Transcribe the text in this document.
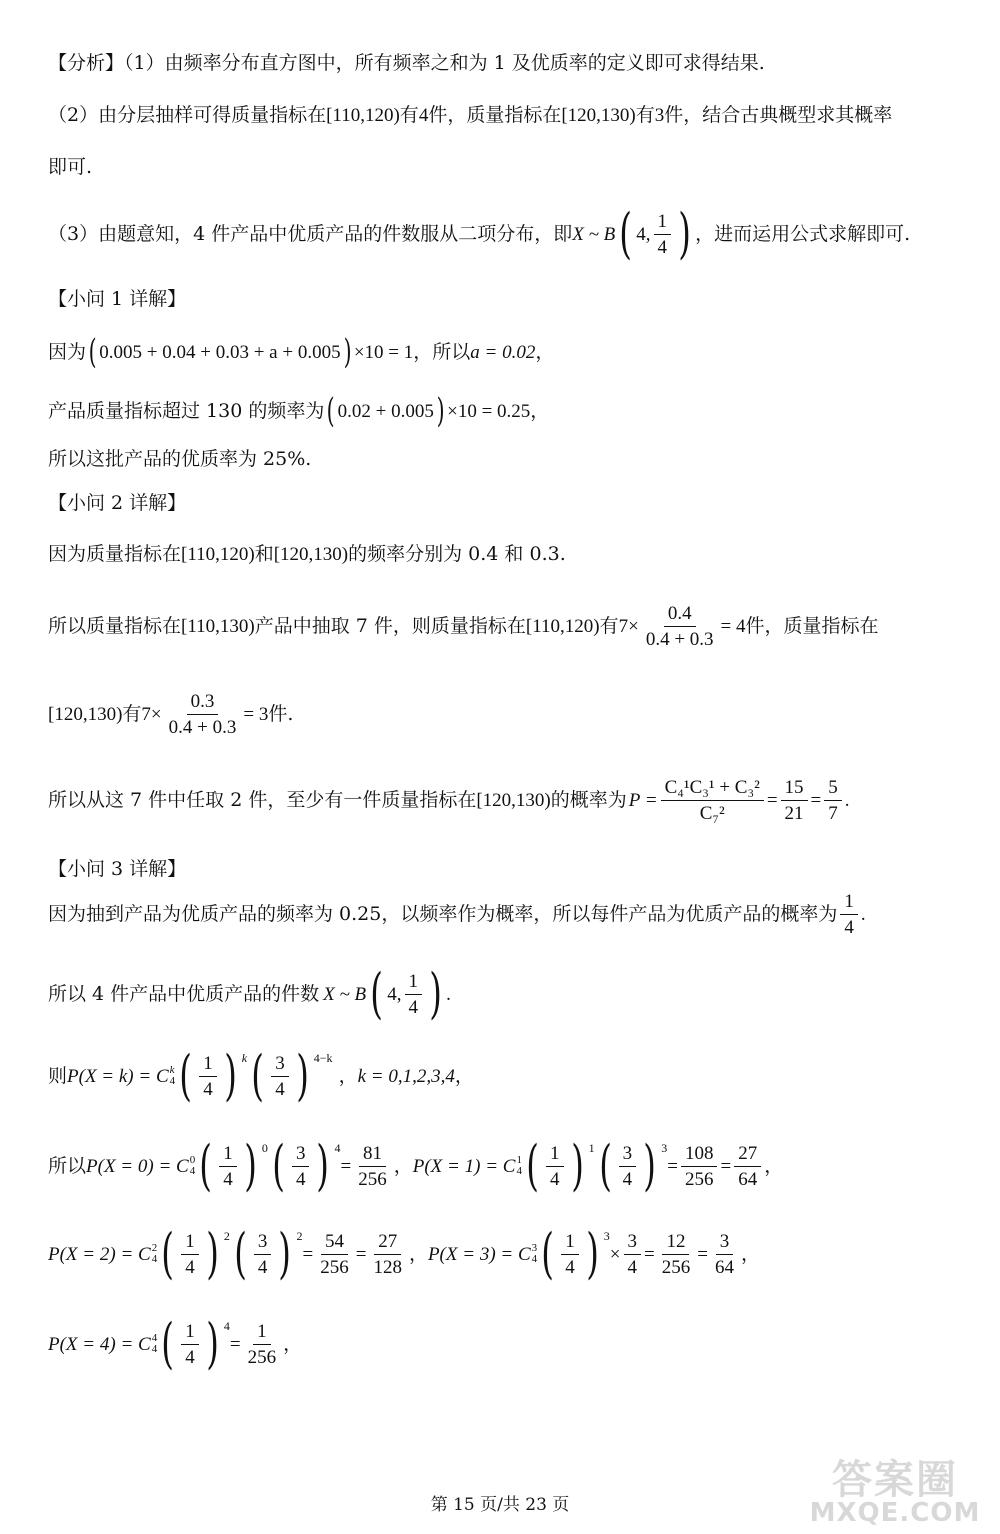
【分析】（1）由频率分布直方图中，所有频率之和为 1 及优质率的定义即可求得结果.
（2）由分层抽样可得质量指标在 [110,120) 有 4 件，质量指标在 [120,130) 有 3 件，结合古典概型求其概率
即可.
（3）由题意知，4 件产品中优质产品的件数服从二项分布，即 X ~ B ( 4, $\frac{1}{4}$ ) ，进而运用公式求解即可.
【小问 1 详解】
因为 ( 0.005 + 0.04 + 0.03 + a + 0.005 ) ×10 = 1 ，所以 a = 0.02 ，
产品质量指标超过 130 的频率为 ( 0.02 + 0.005 ) ×10 = 0.25 ，
所以这批产品的优质率为 25%.
【小问 2 详解】
因为质量指标在 [110,120) 和 [120,130) 的频率分别为 0.4 和 0.3.
所以质量指标在 [110,130) 产品中抽取 7 件，则质量指标在 [110,120) 有 $7\times \frac{0.4}{0.4 + 0.3} = 4$ 件，质量指标在
[120,130) 有 $7\times \frac{0.3}{0.4 + 0.3} = 3$ 件.
所以从这 7 件中任取 2 件，至少有一件质量指标在 [120,130) 的概率为 $P = \frac{\text{C₄¹C₃¹ + C₃²}}{\text{C₇²}} = \frac{15}{21} = \frac{5}{7}$ .
【小问 3 详解】
因为抽到产品为优质产品的频率为 0.25，以频率作为概率，所以每件产品为优质产品的概率为 $\frac{1}{4}$ .
所以 4 件产品中优质产品的件数 X ~ B ( 4, $\frac{1}{4}$ ) .
则 P(X = k) = C k
4 ( $\frac{1}{4}$ ) k ( $\frac{3}{4}$ ) 4−k
， k = 0,1,2,3,4 ，
所以 P(X = 0) = C 0
4 ( $\frac{1}{4}$ ) 0 ( $\frac{3}{4}$ ) 4
= $\frac{81}{256}$ ， P(X = 1) = C 1
4 ( $\frac{1}{4}$ ) 1 ( $\frac{3}{4}$ ) 3
= $\frac{108}{256} = \frac{27}{64}$ ，
P(X = 2) = C 2
4 ( $\frac{1}{4}$ ) 2 ( $\frac{3}{4}$ ) 2
= $\frac{54}{256} = \frac{27}{128}$ ， P(X = 3) = C 3
4 ( $\frac{1}{4}$ ) 3
× $\frac{3}{4} = \frac{12}{256} = \frac{3}{64}$ ，
P(X = 4) = C 4
4 ( $\frac{1}{4}$ ) 4
= $\frac{1}{256}$ ，
第 15 页/共 23 页
答案圈
MXQE.COM
